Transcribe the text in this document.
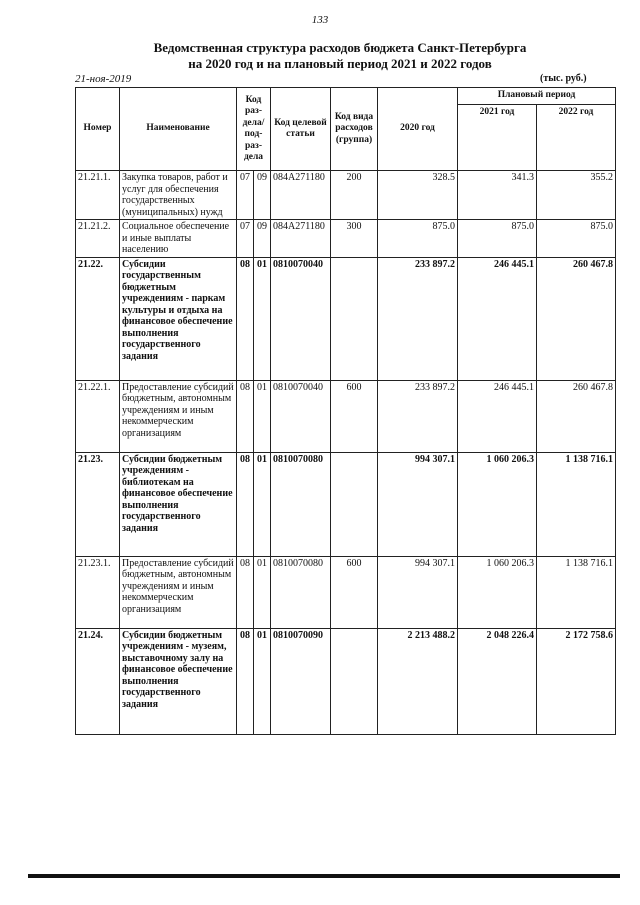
133
Ведомственная структура расходов бюджета Санкт-Петербурга
на 2020 год и на плановый период 2021 и 2022 годов
21-ноя-2019	(тыс. руб.)
Номер	Наименование	Код раз-дела/ под-раз-дела		Код целевой статьи	Код вида расходов (группа)	2020 год	Плановый период	
							2021 год	2022 год
21.21.1.	Закупка товаров, работ и услуг для обеспечения государственных (муниципальных) нужд	07	09	084А271180	200	328.5	341.3	355.2
21.21.2.	Социальное обеспечение и иные выплаты населению	07	09	084А271180	300	875.0	875.0	875.0
21.22.	Субсидии государственным бюджетным учреждениям - паркам культуры и отдыха на финансовое обеспечение выполнения государственного задания	08	01	0810070040		233 897.2	246 445.1	260 467.8
21.22.1.	Предоставление субсидий бюджетным, автономным учреждениям и иным некоммерческим организациям	08	01	0810070040	600	233 897.2	246 445.1	260 467.8
21.23.	Субсидии бюджетным учреждениям - библиотекам на финансовое обеспечение выполнения государственного задания	08	01	0810070080		994 307.1	1 060 206.3	1 138 716.1
21.23.1.	Предоставление субсидий бюджетным, автономным учреждениям и иным некоммерческим организациям	08	01	0810070080	600	994 307.1	1 060 206.3	1 138 716.1
21.24.	Субсидии бюджетным учреждениям - музеям, выставочному залу на финансовое обеспечение выполнения государственного задания	08	01	0810070090		2 213 488.2	2 048 226.4	2 172 758.6
